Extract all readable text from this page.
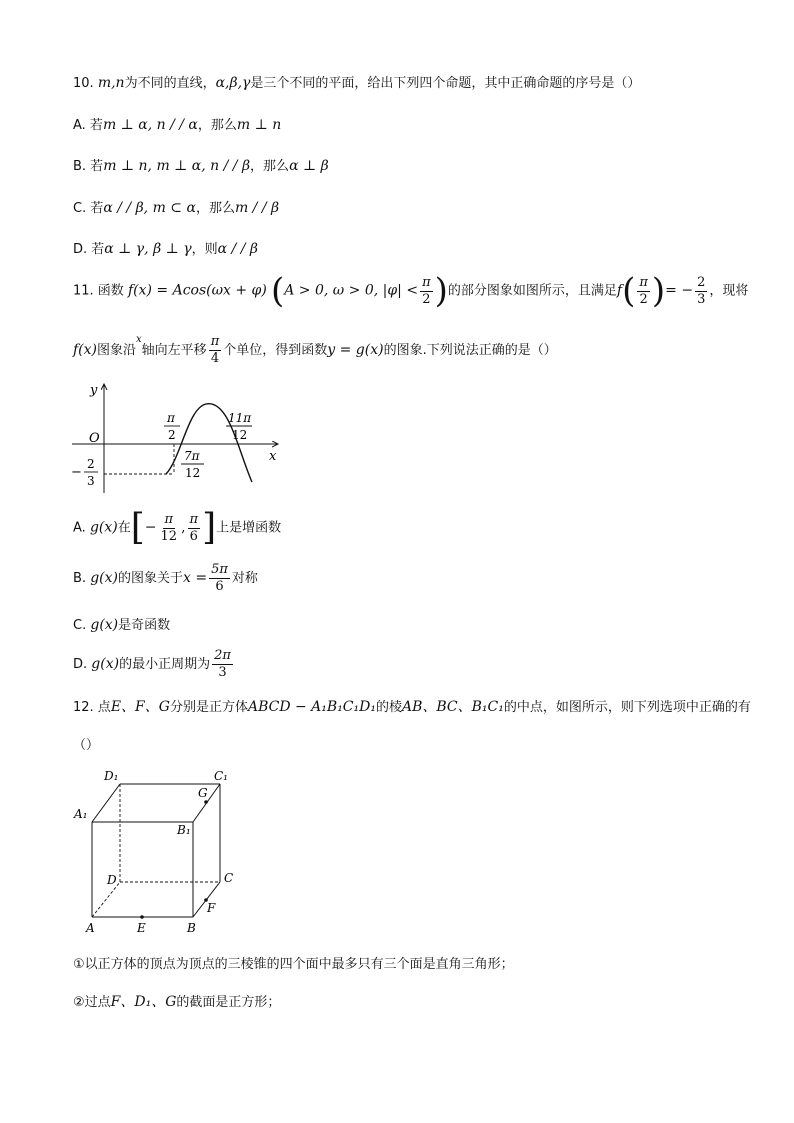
10. m,n为不同的直线，α,β,γ是三个不同的平面，给出下列四个命题，其中正确命题的序号是（）
A. 若m ⊥ α, n / / α，那么m ⊥ n
B. 若m ⊥ n, m ⊥ α, n / / β，那么α ⊥ β
C. 若α / / β, m ⊂ α，那么m / / β
D. 若α ⊥ γ, β ⊥ γ，则α / / β
11. 函数 f(x) = Acos(ωx + φ) (A > 0, ω > 0, $|\varphi| < \frac{\pi}{2}$ )的部分图象如图所示，且满足$f( \frac{\pi}{2}$ )= − $\frac{2}{3}$ ，现将
f(x)图象沿$^x$轴向左平移 $\frac{\pi}{4}$ 个单位，得到函数y = g(x)的图象.下列说法正确的是（）
y
x
O
π
2
11π
12
7π
12
−
2
3
A. g(x)在[− $\frac{\pi}{12}$ , $\frac{\pi}{6}$ ]上是增函数
B. g(x)的图象关于$x = \frac{5\pi}{6}$ 对称
C. g(x)是奇函数
D. g(x)的最小正周期为 $\frac{2\pi}{3}$
12. 点E、F、G分别是正方体ABCD − A₁B₁C₁D₁的棱AB、BC、B₁C₁的中点，如图所示，则下列选项中正确的有
（）
D₁	C₁
A₁
B₁
G
D	C
F
A	E	B
①以正方体的顶点为顶点的三棱锥的四个面中最多只有三个面是直角三角形；
②过点F、D₁、G的截面是正方形；
